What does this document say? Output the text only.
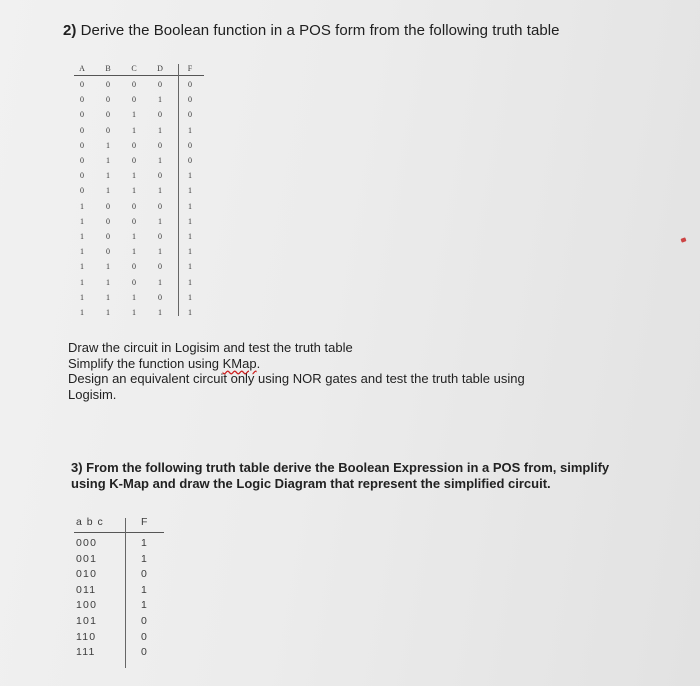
2) Derive the Boolean function in a POS form from the following truth table
A	B	C	D	F
0	0	0	0	0
0	0	0	1	0
0	0	1	0	0
0	0	1	1	1
0	1	0	0	0
0	1	0	1	0
0	1	1	0	1
0	1	1	1	1
1	0	0	0	1
1	0	0	1	1
1	0	1	0	1
1	0	1	1	1
1	1	0	0	1
1	1	0	1	1
1	1	1	0	1
1	1	1	1	1
Draw the circuit in Logisim and test the truth table
Simplify the function using KMap.
Design an equivalent circuit only using NOR gates and test the truth table using
Logisim.
3) From the following truth table derive the Boolean Expression in a POS from, simplify
using K-Map and draw the Logic Diagram that represent the simplified circuit.
a b c	F
000	1
001	1
010	0
011	1
100	1
101	0
110	0
111	0
